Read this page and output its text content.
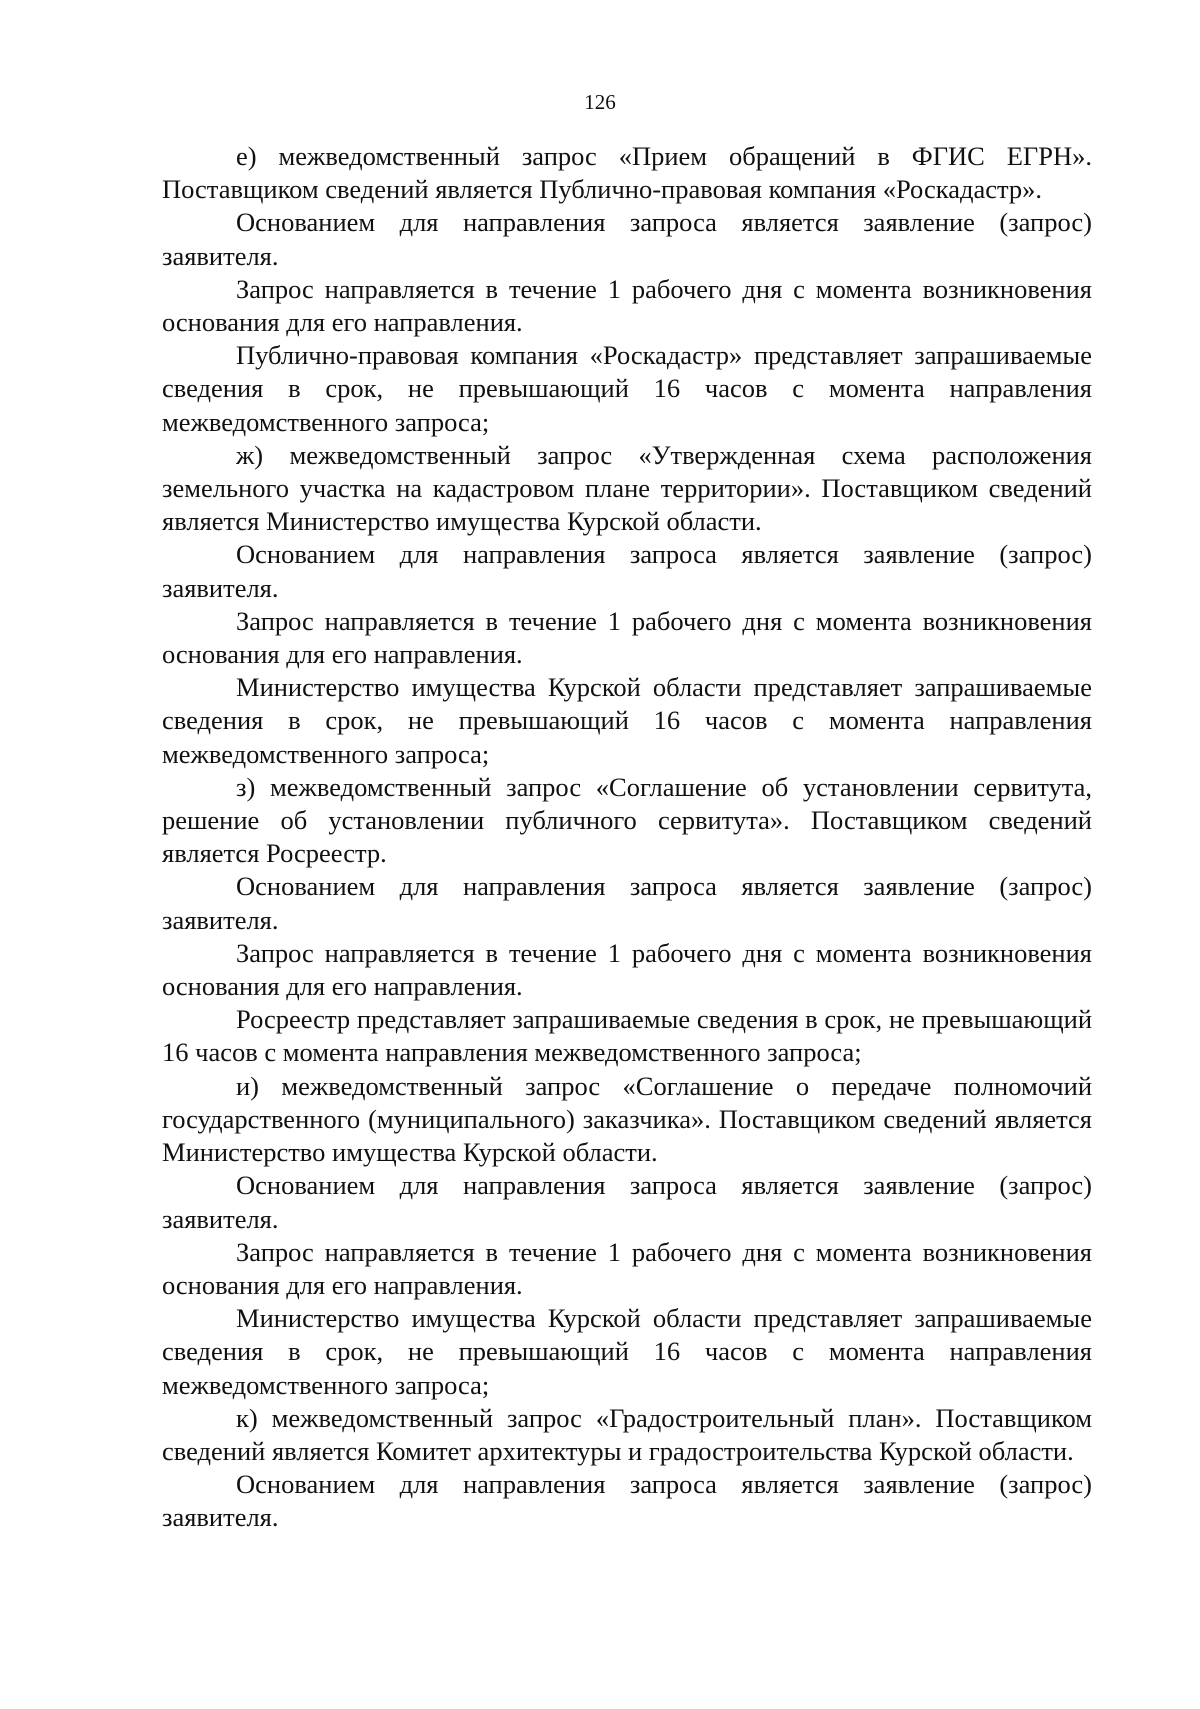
126

е) межведомственный запрос «Прием обращений в ФГИС ЕГРН». Поставщиком сведений является Публично-правовая компания «Роскадастр».

Основанием для направления запроса является заявление (запрос) заявителя.

Запрос направляется в течение 1 рабочего дня с момента возникновения основания для его направления.

Публично-правовая компания «Роскадастр» представляет запрашиваемые сведения в срок, не превышающий 16 часов с момента направления межведомственного запроса;

ж) межведомственный запрос «Утвержденная схема расположения земельного участка на кадастровом плане территории». Поставщиком сведений является Министерство имущества Курской области.

Основанием для направления запроса является заявление (запрос) заявителя.

Запрос направляется в течение 1 рабочего дня с момента возникновения основания для его направления.

Министерство имущества Курской области представляет запрашиваемые сведения в срок, не превышающий 16 часов с момента направления межведомственного запроса;

з) межведомственный запрос «Соглашение об установлении сервитута, решение об установлении публичного сервитута». Поставщиком сведений является Росреестр.

Основанием для направления запроса является заявление (запрос) заявителя.

Запрос направляется в течение 1 рабочего дня с момента возникновения основания для его направления.

Росреестр представляет запрашиваемые сведения в срок, не превышающий 16 часов с момента направления межведомственного запроса;

и) межведомственный запрос «Соглашение о передаче полномочий государственного (муниципального) заказчика». Поставщиком сведений является Министерство имущества Курской области.

Основанием для направления запроса является заявление (запрос) заявителя.

Запрос направляется в течение 1 рабочего дня с момента возникновения основания для его направления.

Министерство имущества Курской области представляет запрашиваемые сведения в срок, не превышающий 16 часов с момента направления межведомственного запроса;

к) межведомственный запрос «Градостроительный план». Поставщиком сведений является Комитет архитектуры и градостроительства Курской области.

Основанием для направления запроса является заявление (запрос) заявителя.
